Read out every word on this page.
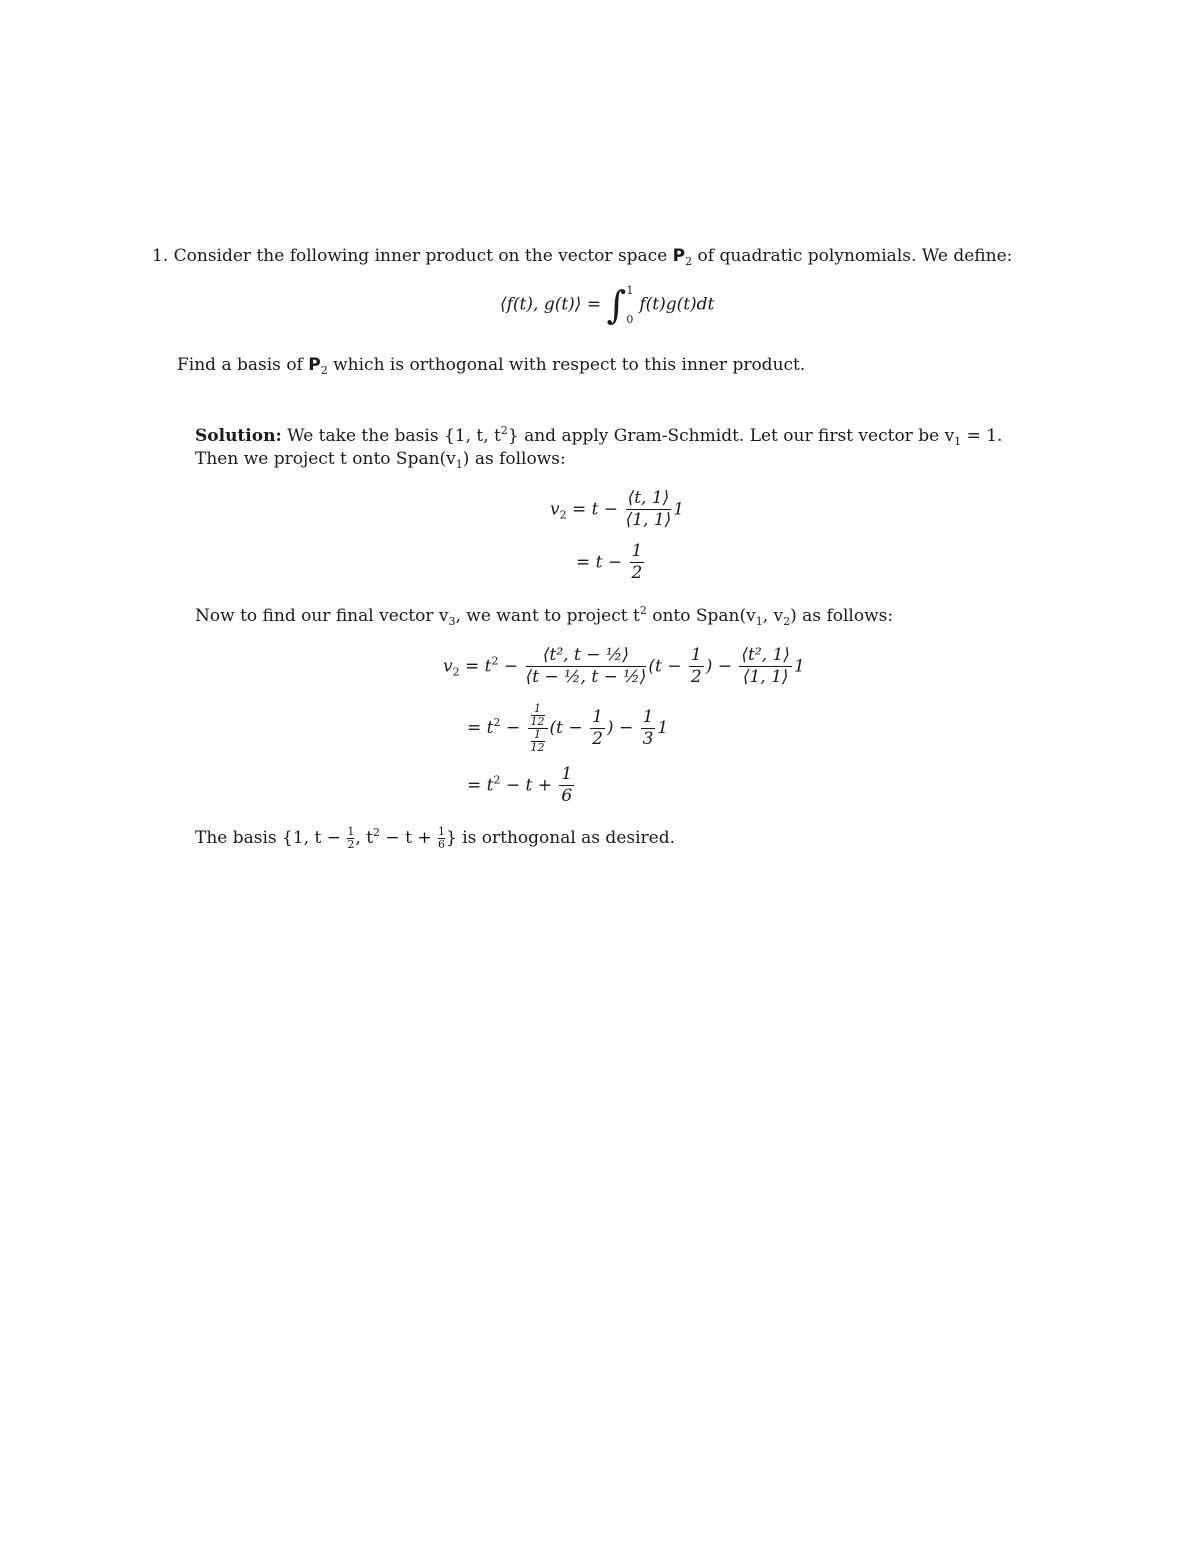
1. Consider the following inner product on the vector space $P_2$ of quadratic polynomials. We define:
⟨f(t), g(t)⟩ = ∫ 1
0
f(t)g(t)dt
Find a basis of $P_2$ which is orthogonal with respect to this inner product.
Solution: We take the basis {1, t, $t^2$} and apply Gram-Schmidt. Let our first vector be $v_1 = 1$.
Then we project t onto $Span(v_1)$ as follows:
$v_2 = t - \frac{⟨t, 1⟩}{⟨1, 1⟩} 1$
= $t - \frac{1}{2}$
Now to find our final vector $v_3$, we want to project $t^2$ onto $Span(v_1$, $v_2$) as follows:
$v_2 = t^2 - \frac{\text{⟨t², t − ½⟩}}{\text{⟨t − ½, t − ½⟩}} (t - \frac{1}{2}$ ) − $\frac{\text{⟨t², 1⟩}}{⟨1, 1⟩} 1$
= $t^2 - \frac{\frac{1}{12}}{\frac{1}{12}} (t - \frac{1}{2}$ ) − $\frac{1}{3} 1$
= $t^2 - t + \frac{1}{6}$
The basis {1, $t - \frac{1}{2}$ , $t^2 - t + \frac{1}{6}$ } is orthogonal as desired.
